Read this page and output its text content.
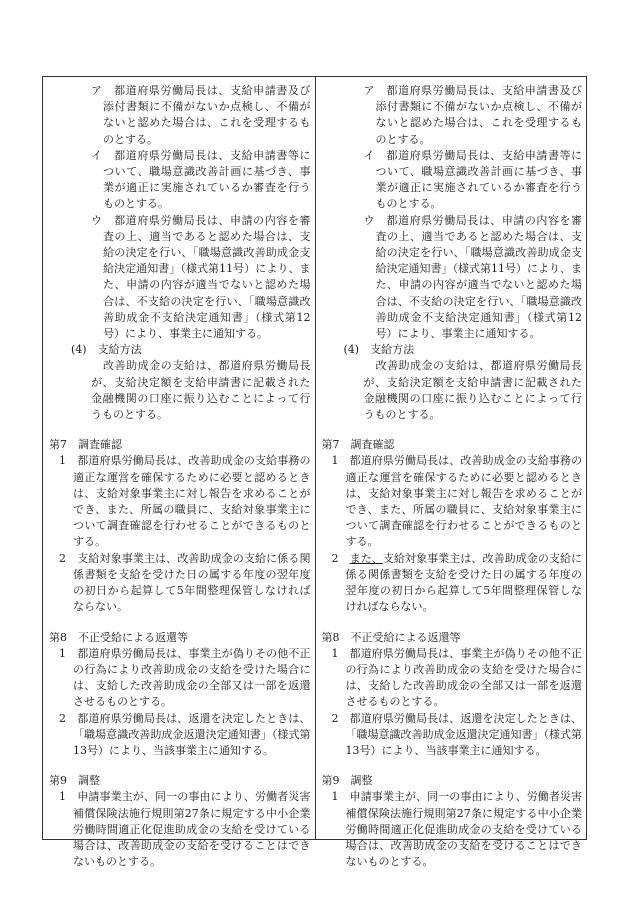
ア　都道府県労働局長は、支給申請書及び添付書類に不備がないか点検し、不備がないと認めた場合は、これを受理するものとする。

イ　都道府県労働局長は、支給申請書等について、職場意識改善計画に基づき、事業が適正に実施されているか審査を行うものとする。

ウ　都道府県労働局長は、申請の内容を審査の上、適当であると認めた場合は、支給の決定を行い、「職場意識改善助成金支給決定通知書」（様式第11号）により、また、申請の内容が適当でないと認めた場合は、不支給の決定を行い、「職場意識改善助成金不支給決定通知書」（様式第12号）により、事業主に通知する。

(4)　支給方法

改善助成金の支給は、都道府県労働局長が、支給決定額を支給申請書に記載された金融機関の口座に振り込むことによって行うものとする。

第7　調査確認

1　都道府県労働局長は、改善助成金の支給事務の適正な運営を確保するために必要と認めるときは、支給対象事業主に対し報告を求めることができ、また、所属の職員に、支給対象事業主について調査確認を行わせることができるものとする。

2　支給対象事業主は、改善助成金の支給に係る関係書類を支給を受けた日の属する年度の翌年度の初日から起算して5年間整理保管しなければならない。

第8　不正受給による返還等

1　都道府県労働局長は、事業主が偽りその他不正の行為により改善助成金の支給を受けた場合には、支給した改善助成金の全部又は一部を返還させるものとする。

2　都道府県労働局長は、返還を決定したときは、「職場意識改善助成金返還決定通知書」（様式第13号）により、当該事業主に通知する。

第9　調整

1　申請事業主が、同一の事由により、労働者災害補償保険法施行規則第27条に規定する中小企業労働時間適正化促進助成金の支給を受けている場合は、改善助成金の支給を受けることはできないものとする。

ア　都道府県労働局長は、支給申請書及び添付書類に不備がないか点検し、不備がないと認めた場合は、これを受理するものとする。

イ　都道府県労働局長は、支給申請書等について、職場意識改善計画に基づき、事業が適正に実施されているか審査を行うものとする。

ウ　都道府県労働局長は、申請の内容を審査の上、適当であると認めた場合は、支給の決定を行い、「職場意識改善助成金支給決定通知書」（様式第11号）により、また、申請の内容が適当でないと認めた場合は、不支給の決定を行い、「職場意識改善助成金不支給決定通知書」（様式第12号）により、事業主に通知する。

(4)　支給方法

改善助成金の支給は、都道府県労働局長が、支給決定額を支給申請書に記載された金融機関の口座に振り込むことによって行うものとする。

第7　調査確認

1　都道府県労働局長は、改善助成金の支給事務の適正な運営を確保するために必要と認めるときは、支給対象事業主に対し報告を求めることができ、また、所属の職員に、支給対象事業主について調査確認を行わせることができるものとする。

2　また、支給対象事業主は、改善助成金の支給に係る関係書類を支給を受けた日の属する年度の翌年度の初日から起算して5年間整理保管しなければならない。

第8　不正受給による返還等

1　都道府県労働局長は、事業主が偽りその他不正の行為により改善助成金の支給を受けた場合には、支給した改善助成金の全部又は一部を返還させるものとする。

2　都道府県労働局長は、返還を決定したときは、「職場意識改善助成金返還決定通知書」（様式第13号）により、当該事業主に通知する。

第9　調整

1　申請事業主が、同一の事由により、労働者災害補償保険法施行規則第27条に規定する中小企業労働時間適正化促進助成金の支給を受けている場合は、改善助成金の支給を受けることはできないものとする。
